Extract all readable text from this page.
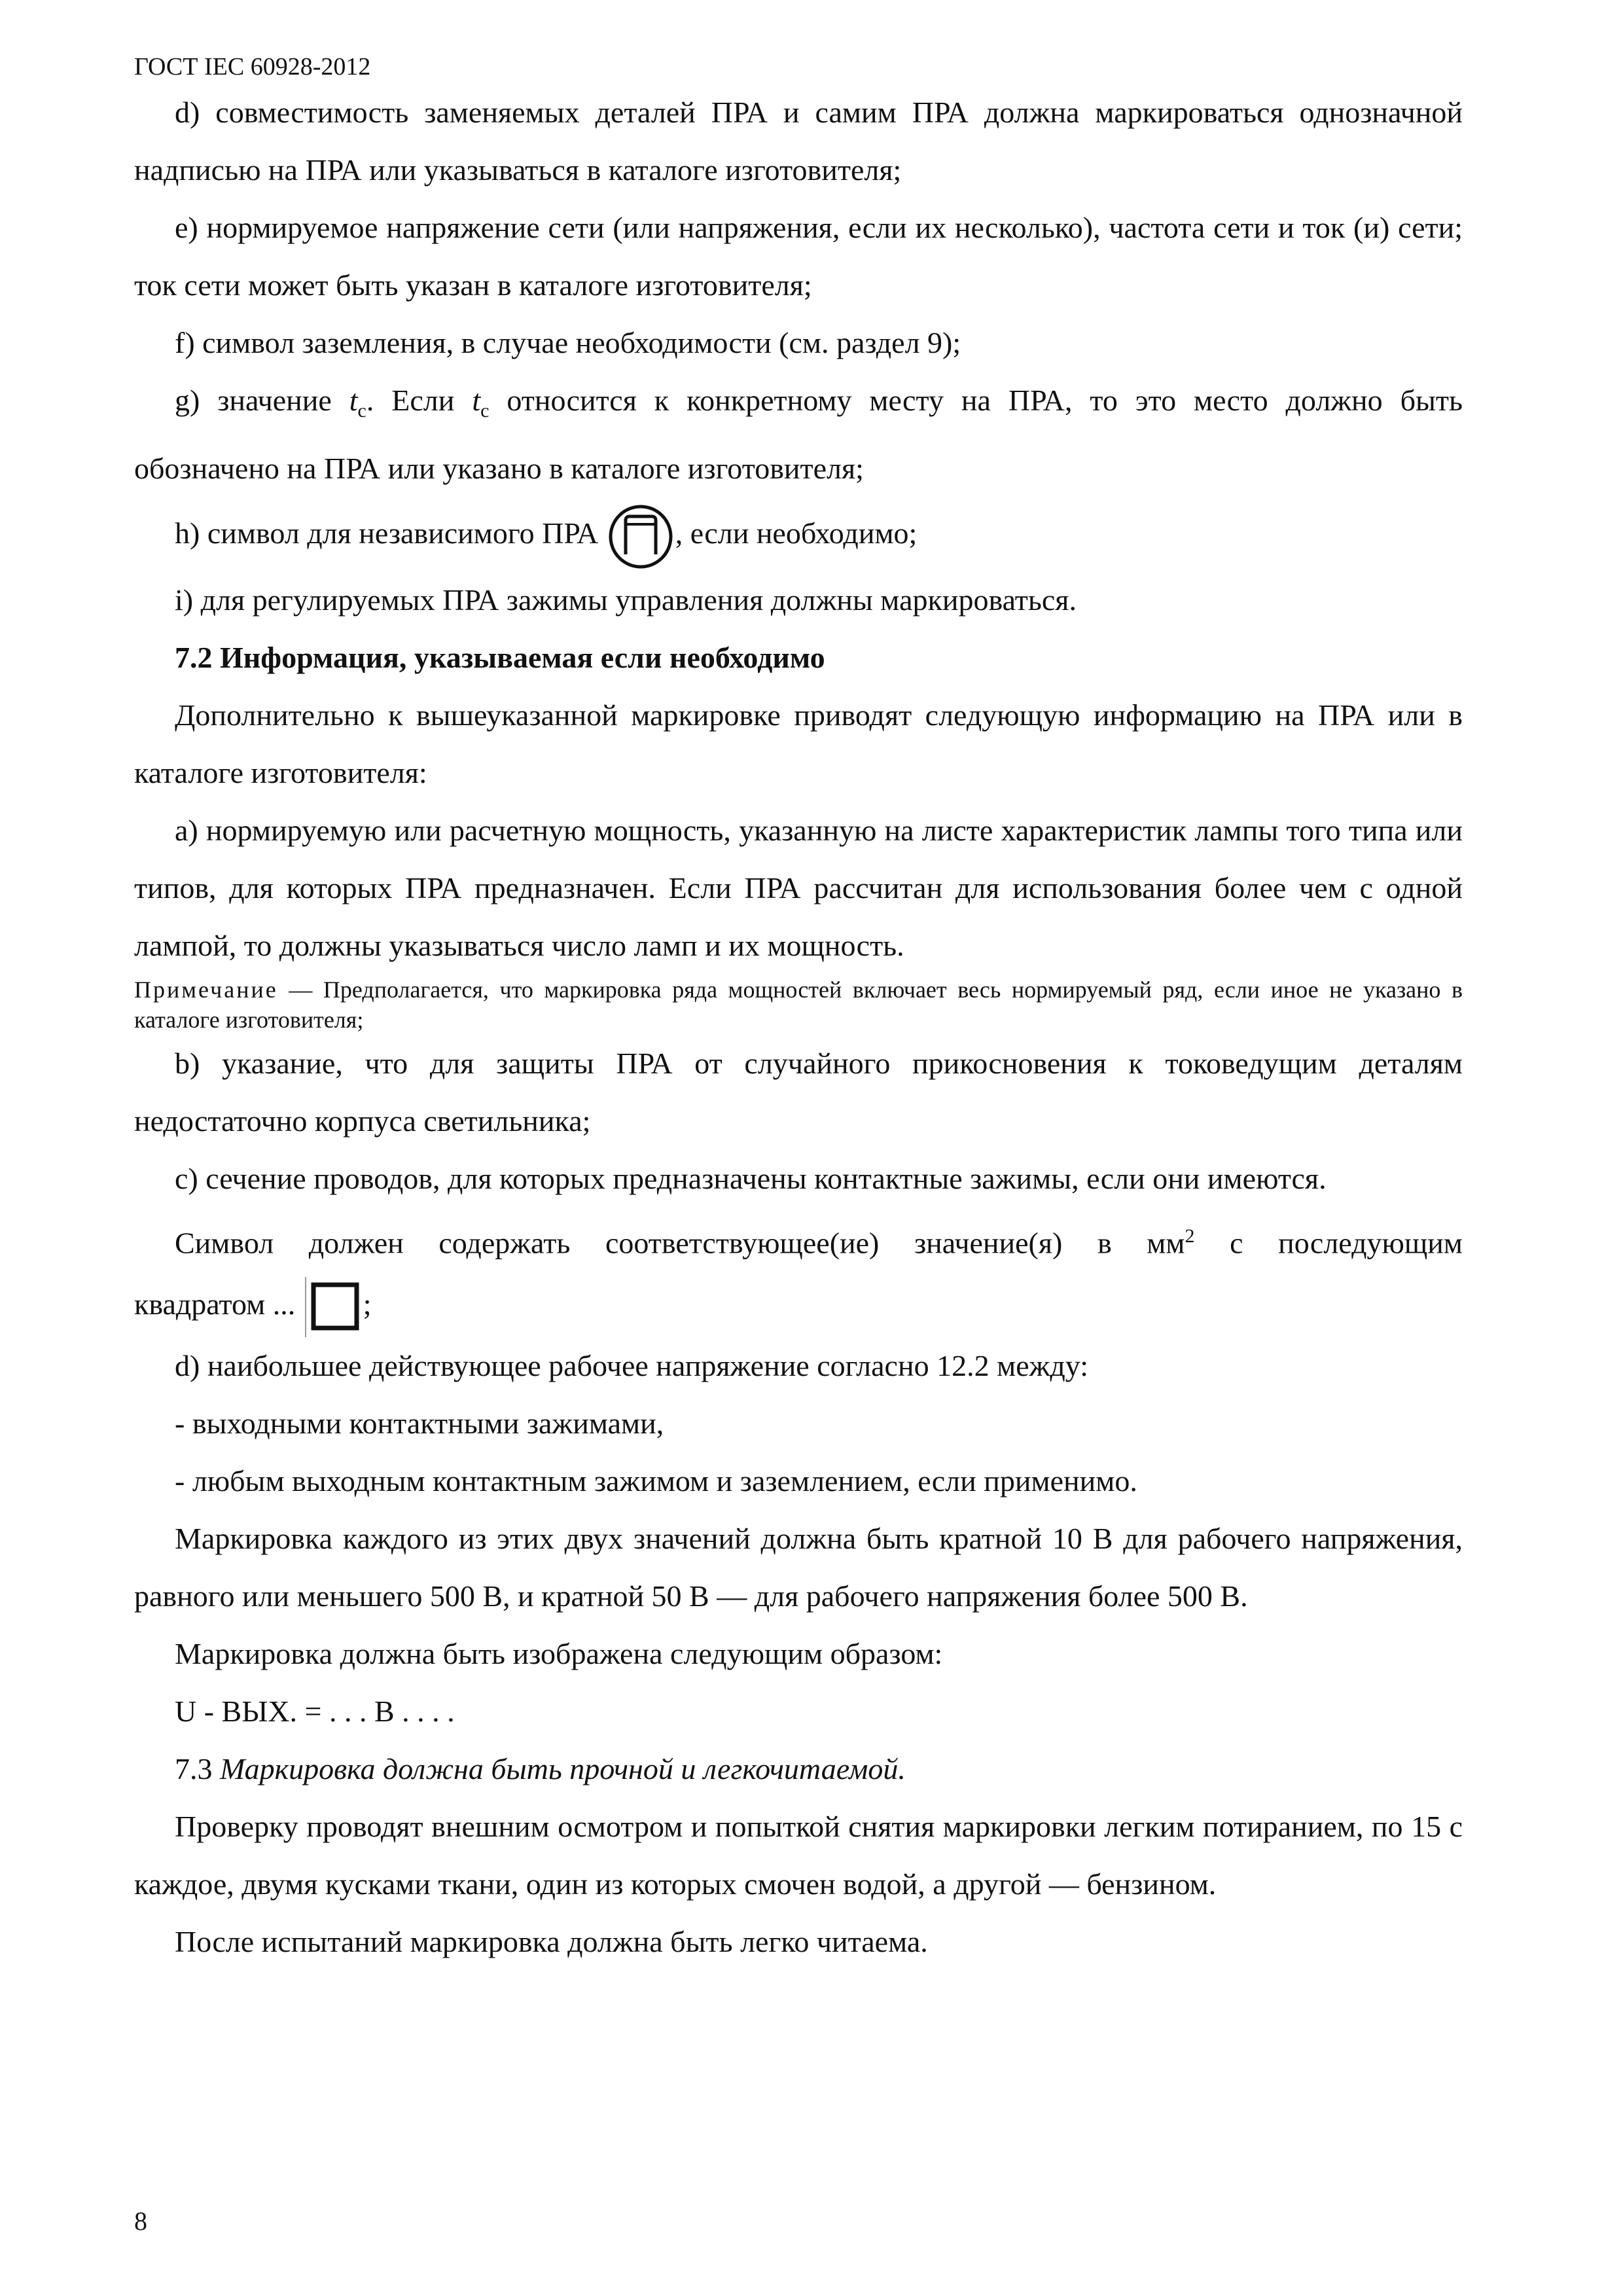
ГОСТ IEC 60928-2012

d) совместимость заменяемых деталей ПРА и самим ПРА должна маркироваться однозначной надписью на ПРА или указываться в каталоге изготовителя;

e) нормируемое напряжение сети (или напряжения, если их несколько), частота сети и ток (и) сети; ток сети может быть указан в каталоге изготовителя;

f) символ заземления, в случае необходимости (см. раздел 9);

g) значение $t_c$. Если $t_c$ относится к конкретному месту на ПРА, то это место должно быть обозначено на ПРА или указано в каталоге изготовителя;

h) символ для независимого ПРА
, если необходимо;

i) для регулируемых ПРА зажимы управления должны маркироваться.

7.2 Информация, указываемая если необходимо

Дополнительно к вышеуказанной маркировке приводят следующую информацию на ПРА или в каталоге изготовителя:

а) нормируемую или расчетную мощность, указанную на листе характеристик лампы того типа или типов, для которых ПРА предназначен. Если ПРА рассчитан для использования более чем с одной лампой, то должны указываться число ламп и их мощность.

Примечание — Предполагается, что маркировка ряда мощностей включает весь нормируемый ряд, если иное не указано в каталоге изготовителя;

b) указание, что для защиты ПРА от случайного прикосновения к токоведущим деталям недостаточно корпуса светильника;

c) сечение проводов, для которых предназначены контактные зажимы, если они имеются.

Символ должен содержать соответствующее(ие) значение(я) в $мм^2$ с последующим

квадратом ...
;

d) наибольшее действующее рабочее напряжение согласно 12.2 между:

- выходными контактными зажимами,

- любым выходным контактным зажимом и заземлением, если применимо.

Маркировка каждого из этих двух значений должна быть кратной 10 В для рабочего напряжения, равного или меньшего 500 В, и кратной 50 В — для рабочего напряжения более 500 В.

Маркировка должна быть изображена следующим образом:

U - ВЫХ. = . . . В . . . .

7.3 Маркировка должна быть прочной и легкочитаемой.

Проверку проводят внешним осмотром и попыткой снятия маркировки легким потиранием, по 15 с каждое, двумя кусками ткани, один из которых смочен водой, а другой — бензином.

После испытаний маркировка должна быть легко читаема.

8
